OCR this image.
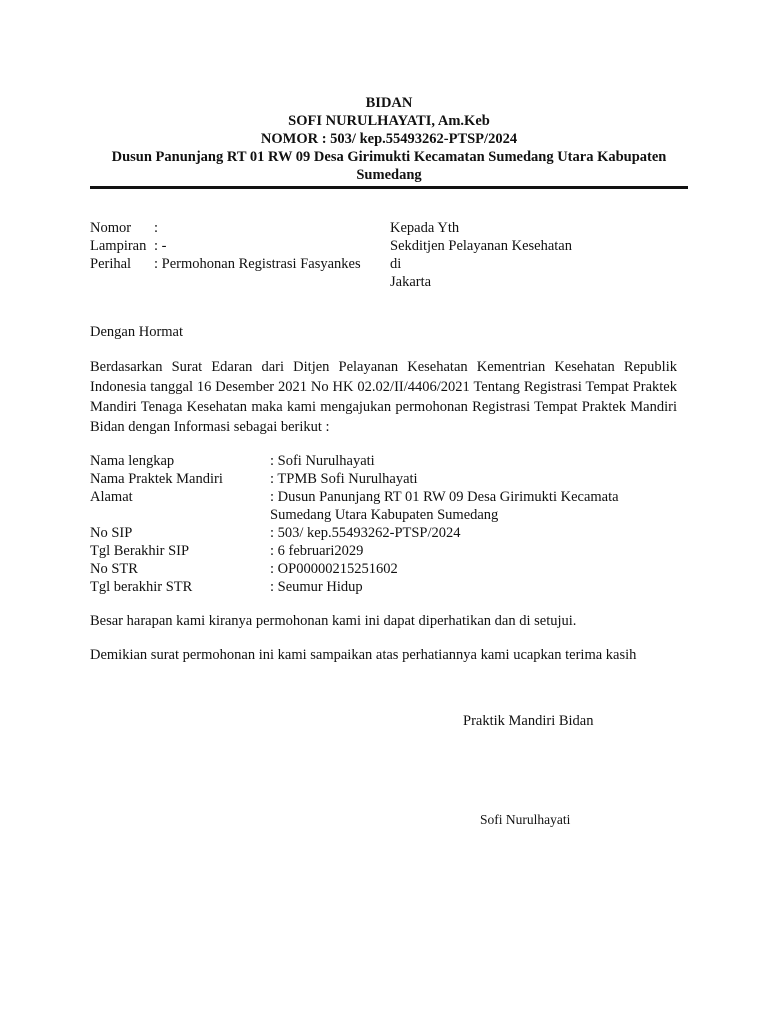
BIDAN
SOFI NURULHAYATI, Am.Keb
NOMOR : 503/ kep.55493262-PTSP/2024
Dusun Panunjang RT 01 RW 09 Desa Girimukti Kecamatan Sumedang Utara Kabupaten Sumedang
Nomor	:
Lampiran : -
Perihal	: Permohonan Registrasi Fasyankes
Kepada Yth
Sekditjen Pelayanan Kesehatan
di
Jakarta
Dengan Hormat
Berdasarkan Surat Edaran dari Ditjen Pelayanan Kesehatan Kementrian Kesehatan Republik Indonesia tanggal 16 Desember 2021 No HK 02.02/II/4406/2021 Tentang Registrasi Tempat Praktek Mandiri Tenaga Kesehatan maka kami mengajukan permohonan Registrasi Tempat Praktek Mandiri Bidan dengan Informasi sebagai berikut :
Nama lengkap	: Sofi Nurulhayati
Nama Praktek Mandiri	: TPMB Sofi Nurulhayati
Alamat	: Dusun Panunjang RT 01 RW 09 Desa Girimukti Kecamata Sumedang Utara Kabupaten Sumedang
No SIP	: 503/ kep.55493262-PTSP/2024
Tgl Berakhir SIP	: 6 februari2029
No STR	: OP00000215251602
Tgl berakhir STR	: Seumur Hidup
Besar harapan kami kiranya permohonan kami ini dapat diperhatikan dan di setujui.
Demikian surat permohonan ini kami sampaikan atas perhatiannya kami ucapkan terima kasih
Praktik Mandiri Bidan
Sofi Nurulhayati
